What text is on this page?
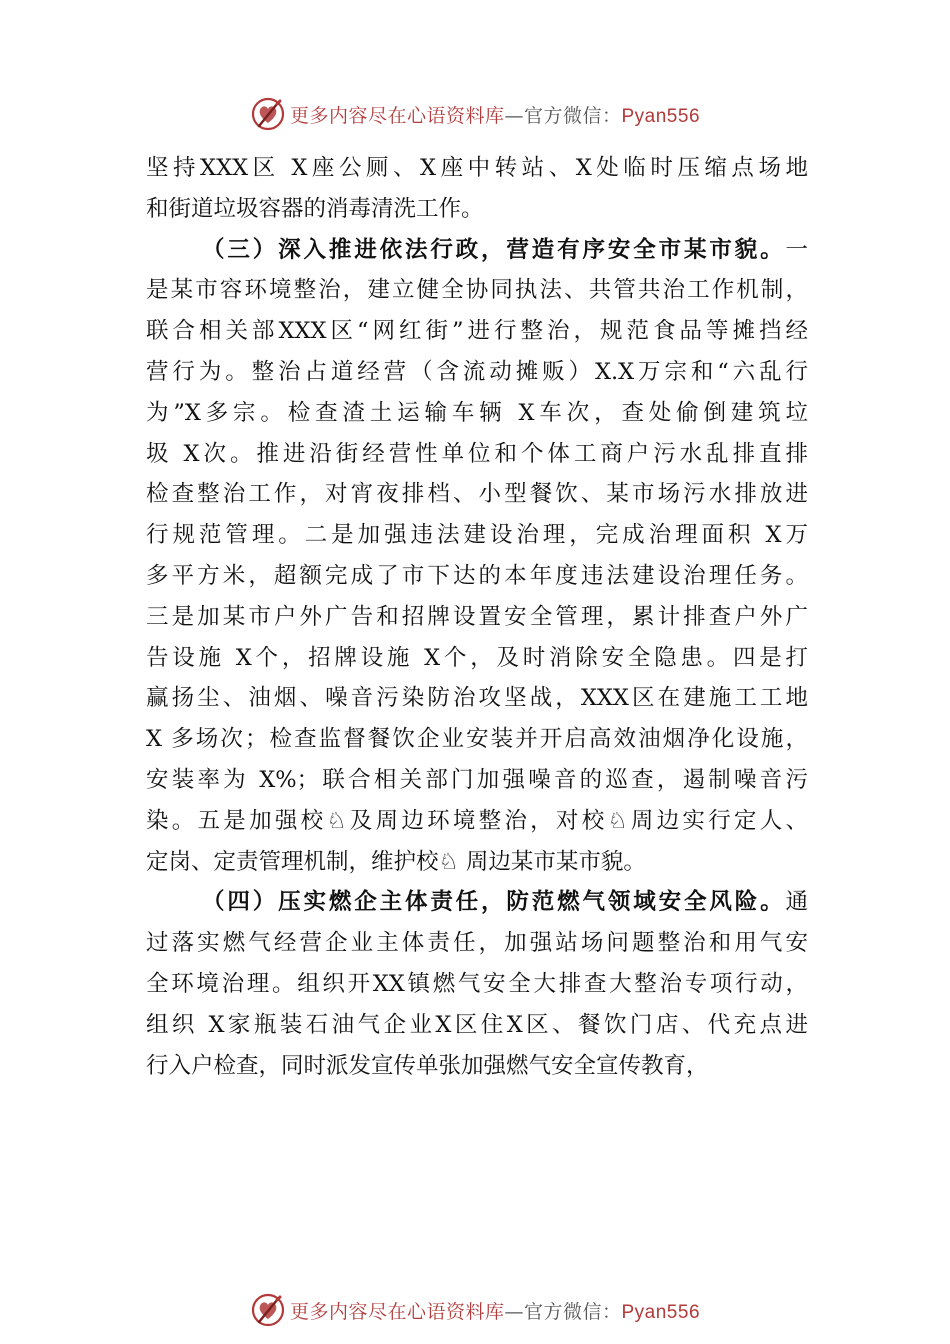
更多内容尽在心语资料库—官方微信：Pyan556
坚持XXX区 X座公厕、X座中转站、X处临时压缩点场地
和街道垃圾容器的消毒清洗工作。
（三）深入推进依法行政，营造有序安全市某市貌。一
是某市容环境整治，建立健全协同执法、共管共治工作机制，
联合相关部XXX区“网红街”进行整治，规范食品等摊挡经
营行为。整治占道经营（含流动摊贩）X.X万宗和“六乱行
为”X多宗。检查渣土运输车辆 X车次，查处偷倒建筑垃
圾 X次。推进沿街经营性单位和个体工商户污水乱排直排
检查整治工作，对宵夜排档、小型餐饮、某市场污水排放进
行规范管理。二是加强违法建设治理，完成治理面积 X万
多平方米，超额完成了市下达的本年度违法建设治理任务。
三是加某市户外广告和招牌设置安全管理，累计排查户外广
告设施 X个，招牌设施 X个，及时消除安全隐患。四是打
赢扬尘、油烟、噪音污染防治攻坚战，XXX区在建施工工地
X 多场次；检查监督餐饮企业安装并开启高效油烟净化设施，
安装率为 X%；联合相关部门加强噪音的巡查，遏制噪音污
染。五是加强校♘及周边环境整治，对校♘周边实行定人、
定岗、定责管理机制，维护校♘ 周边某市某市貌。
（四）压实燃企主体责任，防范燃气领域安全风险。通
过落实燃气经营企业主体责任，加强站场问题整治和用气安
全环境治理。组织开XX镇燃气安全大排查大整治专项行动，
组织 X家瓶装石油气企业X区住X区、餐饮门店、代充点进
行入户检查，同时派发宣传单张加强燃气安全宣传教育，
更多内容尽在心语资料库—官方微信：Pyan556
